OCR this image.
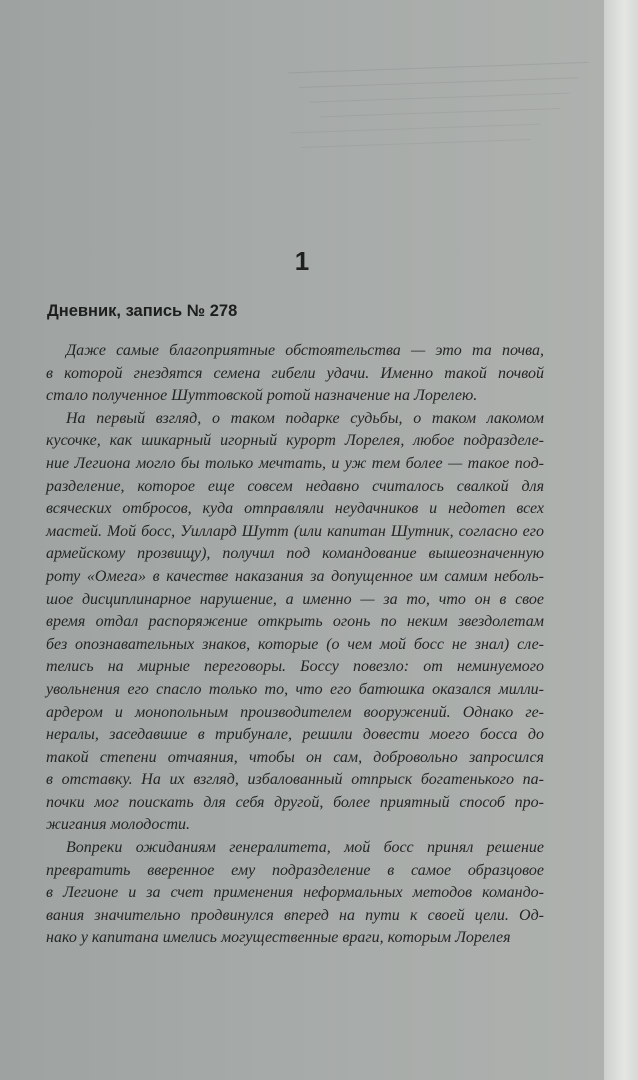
1
Дневник, запись № 278
Даже самые благоприятные обстоятельства — это та почва,
в которой гнездятся семена гибели удачи. Именно такой почвой
стало полученное Шуттовской ротой назначение на Лорелею.
На первый взгляд, о таком подарке судьбы, о таком лакомом
кусочке, как шикарный игорный курорт Лорелея, любое подразделе-
ние Легиона могло бы только мечтать, и уж тем более — такое под-
разделение, которое еще совсем недавно считалось свалкой для
всяческих отбросов, куда отправляли неудачников и недотеп всех
мастей. Мой босс, Уиллард Шутт (или капитан Шутник, согласно его
армейскому прозвищу), получил под командование вышеозначенную
роту «Омега» в качестве наказания за допущенное им самим неболь-
шое дисциплинарное нарушение, а именно — за то, что он в свое
время отдал распоряжение открыть огонь по неким звездолетам
без опознавательных знаков, которые (о чем мой босс не знал) сле-
телись на мирные переговоры. Боссу повезло: от неминуемого
увольнения его спасло только то, что его батюшка оказался милли-
ардером и монопольным производителем вооружений. Однако ге-
нералы, заседавшие в трибунале, решили довести моего босса до
такой степени отчаяния, чтобы он сам, добровольно запросился
в отставку. На их взгляд, избалованный отпрыск богатенького па-
почки мог поискать для себя другой, более приятный способ про-
жигания молодости.
Вопреки ожиданиям генералитета, мой босс принял решение
превратить вверенное ему подразделение в самое образцовое
в Легионе и за счет применения неформальных методов командо-
вания значительно продвинулся вперед на пути к своей цели. Од-
нако у капитана имелись могущественные враги, которым Лорелея
